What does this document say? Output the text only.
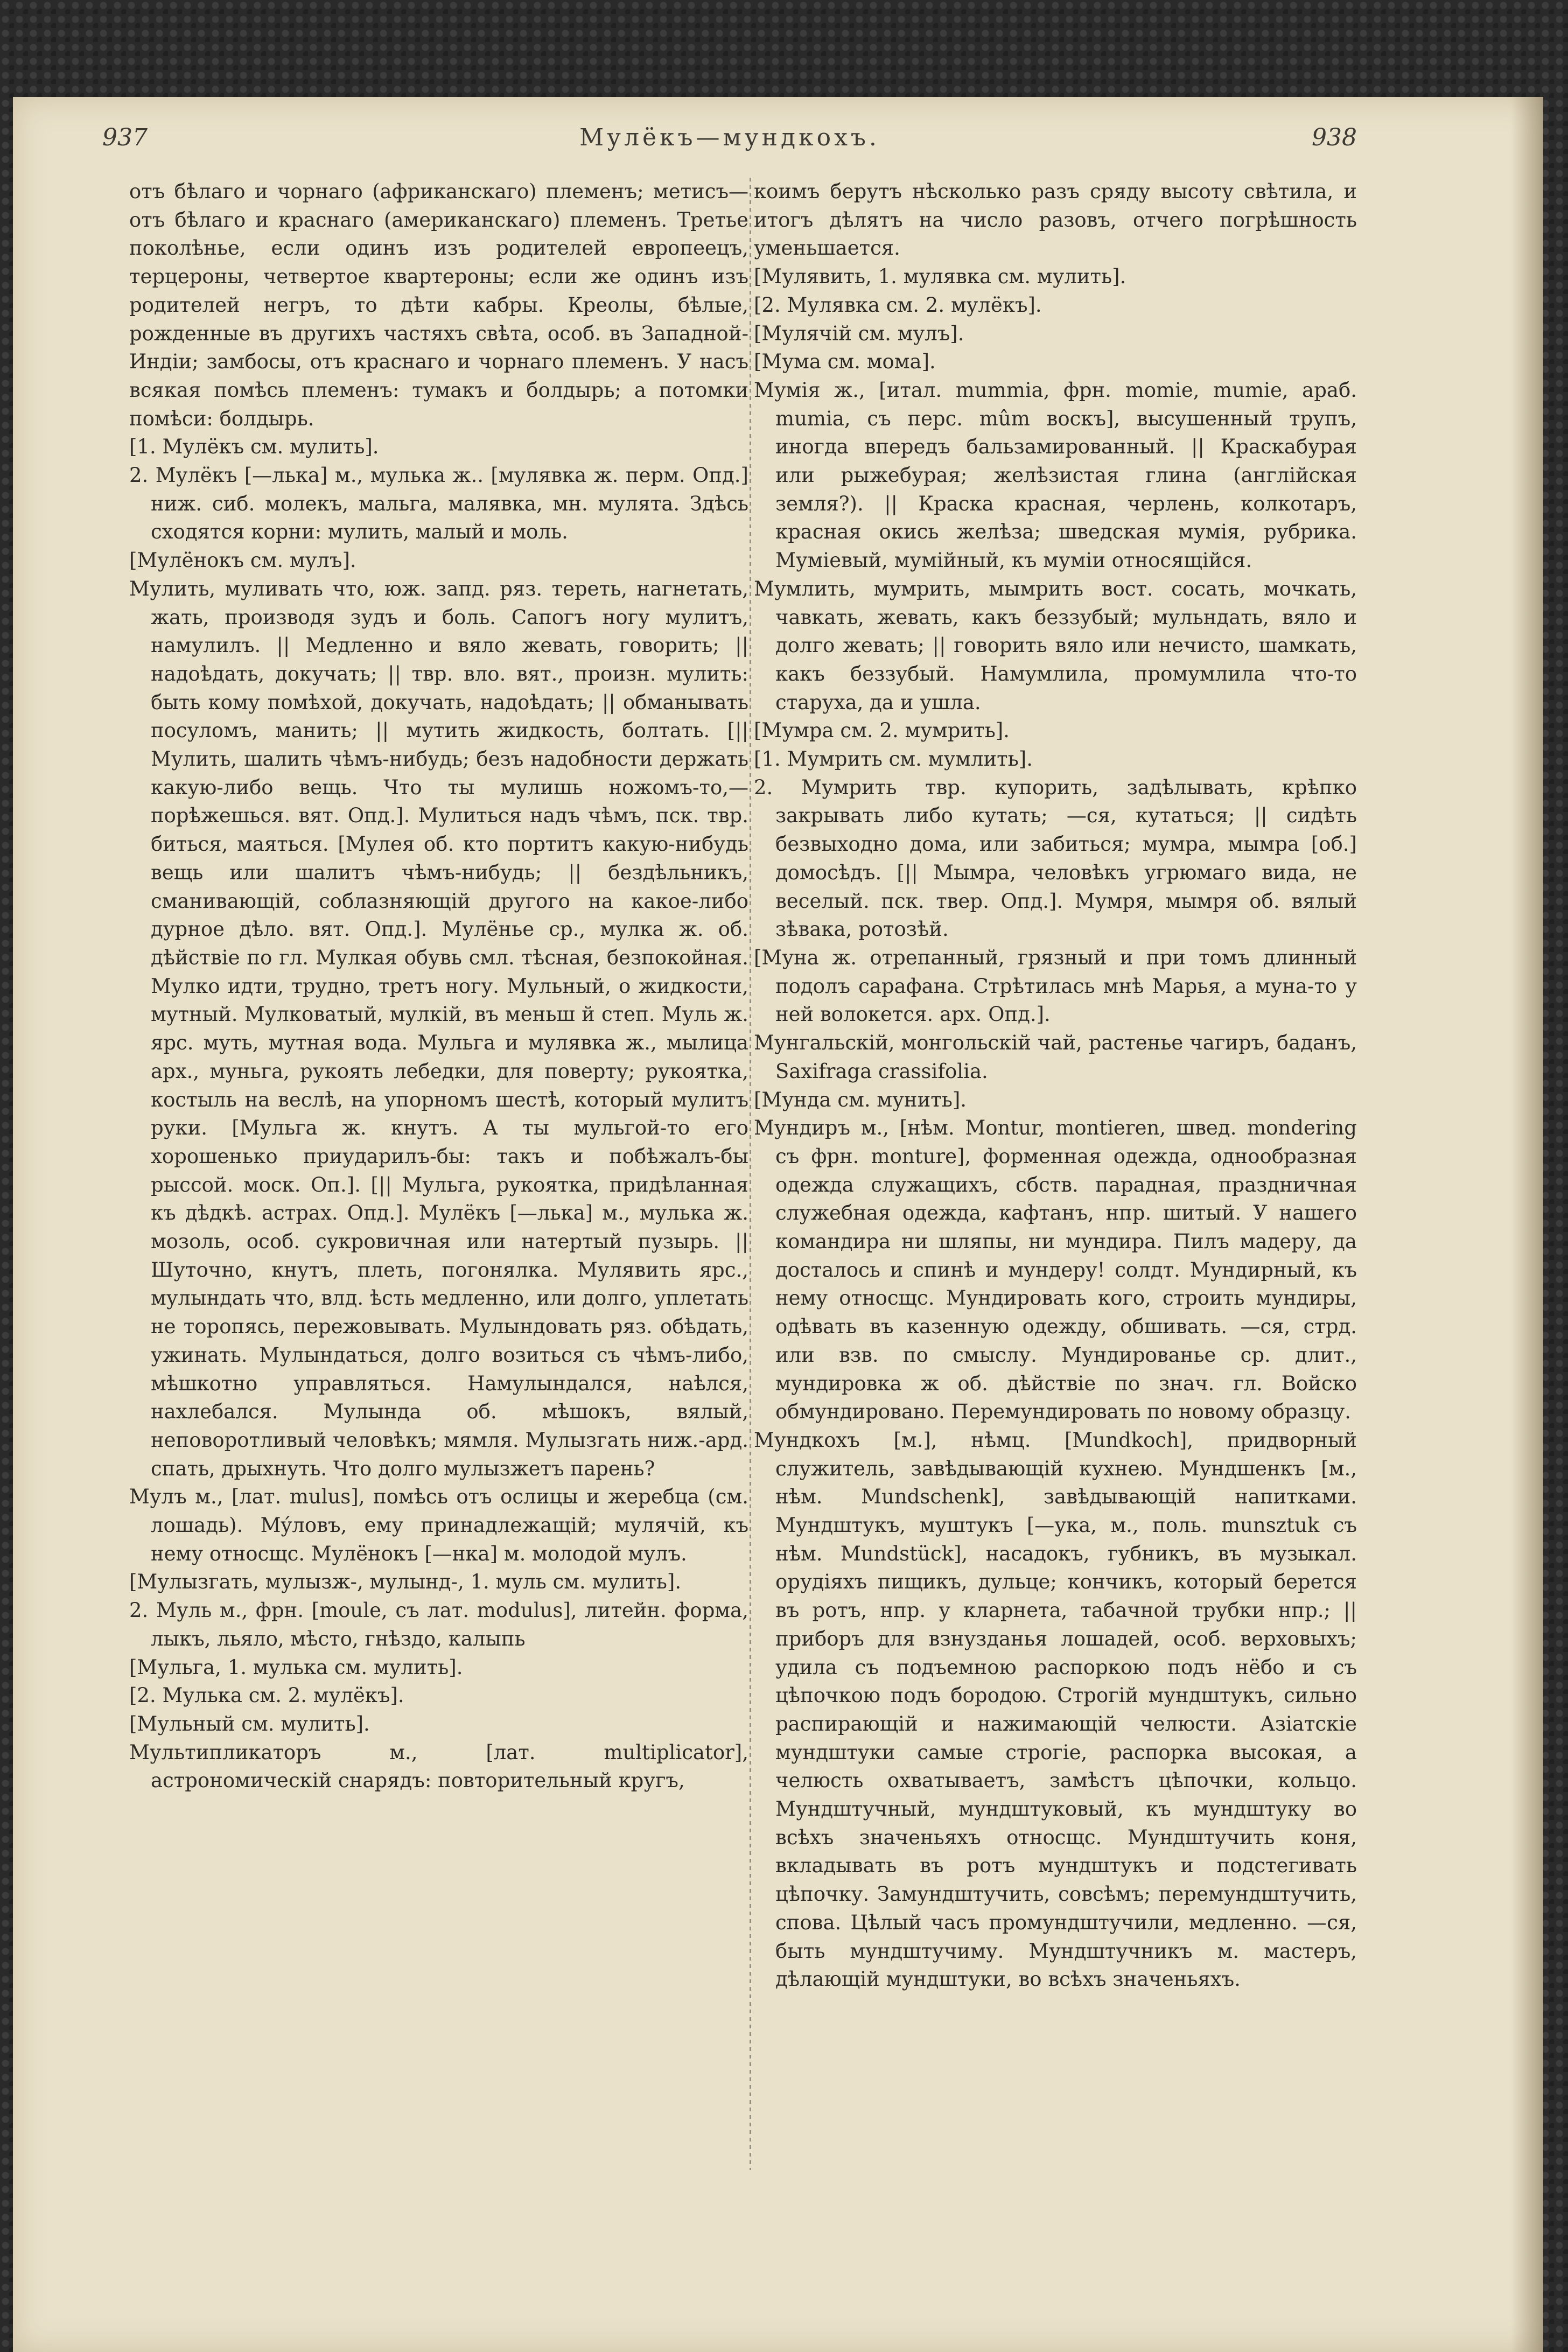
937	Мулёкъ—мундкохъ.	938

отъ бѣлаго и чорнаго (африканскаго) племенъ; метисъ—отъ бѣлаго и краснаго (американскаго) племенъ. Третье поколѣнье, если одинъ изъ родителей европеецъ, терцероны, четвертое квартероны; если же одинъ изъ родителей негръ, то дѣти кабры. Креолы, бѣлые, рожденные въ другихъ частяхъ свѣта, особ. въ Западной-Индіи; замбосы, отъ краснаго и чорнаго племенъ. У насъ всякая помѣсь племенъ: тумакъ и болдырь; а потомки помѣси: болдырь.

[1. Мулёкъ см. мулить].

2. Мулёкъ [—лька] м., мулька ж.. [мулявка ж. перм. Опд.] ниж. сиб. молекъ, мальга, малявка, мн. мулята. Здѣсь сходятся корни: мулить, малый и моль.

[Мулёнокъ см. мулъ].

Мулить, муливать что, юж. запд. ряз. тереть, нагнетать, жать, производя зудъ и боль. Сапогъ ногу мулитъ, намулилъ. || Медленно и вяло жевать, говорить; || надоѣдать, докучать; || твр. вло. вят., произн. мулить: быть кому помѣхой, докучать, надоѣдать; || обманывать посуломъ, манить; || мутить жидкость, болтать. [|| Мулить, шалить чѣмъ-нибудь; безъ надобности держать какую-либо вещь. Что ты мулишь ножомъ-то,—порѣжешься. вят. Опд.]. Мулиться надъ чѣмъ, пск. твр. биться, маяться. [Мулея об. кто портитъ какую-нибудь вещь или шалитъ чѣмъ-нибудь; || бездѣльникъ, сманивающій, соблазняющій другого на какое-либо дурное дѣло. вят. Опд.]. Мулёнье ср., мулка ж. об. дѣйствіе по гл. Мулкая обувь смл. тѣсная, безпокойная. Мулко идти, трудно, третъ ногу. Мульный, о жидкости, мутный. Мулковатый, мулкій, въ меньш й степ. Муль ж. ярс. муть, мутная вода. Мульга и мулявка ж., мылица арх., муньга, рукоять лебедки, для поверту; рукоятка, костыль на веслѣ, на упорномъ шестѣ, который мулитъ руки. [Мульга ж. кнутъ. А ты мульгой-то его хорошенько приударилъ-бы: такъ и побѣжалъ-бы рыссой. моск. Оп.]. [|| Мульга, рукоятка, придѣланная къ дѣдкѣ. астрах. Опд.]. Мулёкъ [—лька] м., мулька ж. мозоль, особ. сукровичная или натертый пузырь. || Шуточно, кнутъ, плеть, погонялка. Мулявить ярс., мулындать что, влд. ѣсть медленно, или долго, уплетать не торопясь, пережовывать. Мулындовать ряз. обѣдать, ужинать. Мулындаться, долго возиться съ чѣмъ-либо, мѣшкотно управляться. Намулындался, наѣлся, нахлебался. Мулында об. мѣшокъ, вялый, неповоротливый человѣкъ; мямля. Мулызгать ниж.-ард. спать, дрыхнуть. Что долго мулызжетъ парень?

Мулъ м., [лат. mulus], помѣсь отъ ослицы и жеребца (см. лошадь). Мýловъ, ему принадлежащій; мулячій, къ нему относщс. Мулёнокъ [—нка] м. молодой мулъ.

[Мулызгать, мулызж-, мулынд-, 1. муль см. мулить].

2. Муль м., фрн. [moule, съ лат. modulus], литейн. форма, лыкъ, льяло, мѣсто, гнѣздо, калыпь

[Мульга, 1. мулька см. мулить].

[2. Мулька см. 2. мулёкъ].

[Мульный см. мулить].

Мультипликаторъ м., [лат. multiplicator], астрономическій снарядъ: повторительный кругъ,

коимъ берутъ нѣсколько разъ сряду высоту свѣтила, и итогъ дѣлятъ на число разовъ, отчего погрѣшность уменьшается.

[Мулявить, 1. мулявка см. мулить].

[2. Мулявка см. 2. мулёкъ].

[Мулячій см. мулъ].

[Мума см. мома].

Мумія ж., [итал. mummia, фрн. momie, mumie, араб. mumia, съ перс. mûm воскъ], высушенный трупъ, иногда впередъ бальзамированный. || Краскабурая или рыжебурая; желѣзистая глина (англійская земля?). || Краска красная, черлень, колкотаръ, красная окись желѣза; шведская мумія, рубрика. Муміевый, мумійный, къ муміи относящійся.

Мумлить, мумрить, мымрить вост. сосать, мочкать, чавкать, жевать, какъ беззубый; мульндать, вяло и долго жевать; || говорить вяло или нечисто, шамкать, какъ беззубый. Намумлила, промумлила что-то старуха, да и ушла.

[Мумра см. 2. мумрить].

[1. Мумрить см. мумлить].

2. Мумрить твр. купорить, задѣлывать, крѣпко закрывать либо кутать; —ся, кутаться; || сидѣть безвыходно дома, или забиться; мумра, мымра [об.] домосѣдъ. [|| Мымра, человѣкъ угрюмаго вида, не веселый. пск. твер. Опд.]. Мумря, мымря об. вялый зѣвака, ротозѣй.

[Муна ж. отрепанный, грязный и при томъ длинный подолъ сарафана. Стрѣтилась мнѣ Марья, а муна-то у ней волокется. арх. Опд.].

Мунгальскій, монгольскій чай, растенье чагиръ, баданъ, Saxifraga crassifolia.

[Мунда см. мунить].

Мундиръ м., [нѣм. Montur, montieren, швед. mondering съ фрн. monture], форменная одежда, однообразная одежда служащихъ, сбств. парадная, праздничная служебная одежда, кафтанъ, нпр. шитый. У нашего командира ни шляпы, ни мундира. Пилъ мадеру, да досталось и спинѣ и мундеру! солдт. Мундирный, къ нему относщс. Мундировать кого, строить мундиры, одѣвать въ казенную одежду, обшивать. —ся, стрд. или взв. по смыслу. Мундированье ср. длит., мундировка ж об. дѣйствіе по знач. гл. Войско обмундировано. Перемундировать по новому образцу.

Мундкохъ [м.], нѣмц. [Mundkoch], придворный служитель, завѣдывающій кухнею. Мундшенкъ [м., нѣм. Mundschenk], завѣдывающій напитками. Мундштукъ, муштукъ [—ука, м., поль. munsztuk съ нѣм. Mundstück], насадокъ, губникъ, въ музыкал. орудіяхъ пищикъ, дульце; кончикъ, который берется въ ротъ, нпр. у кларнета, табачной трубки нпр.; || приборъ для взнузданья лошадей, особ. верховыхъ; удила съ подъемною распоркою подъ нёбо и съ цѣпочкою подъ бородою. Строгій мундштукъ, сильно распирающій и нажимающій челюсти. Азіатскіе мундштуки самые строгіе, распорка высокая, а челюсть охватываетъ, замѣстъ цѣпочки, кольцо. Мундштучный, мундштуковый, къ мундштуку во всѣхъ значеньяхъ относщс. Мундштучить коня, вкладывать въ ротъ мундштукъ и подстегивать цѣпочку. Замундштучить, совсѣмъ; перемундштучить, спова. Цѣлый часъ промундштучили, медленно. —ся, быть мундштучиму. Мундштучникъ м. мастеръ, дѣлающій мундштуки, во всѣхъ значеньяхъ.
